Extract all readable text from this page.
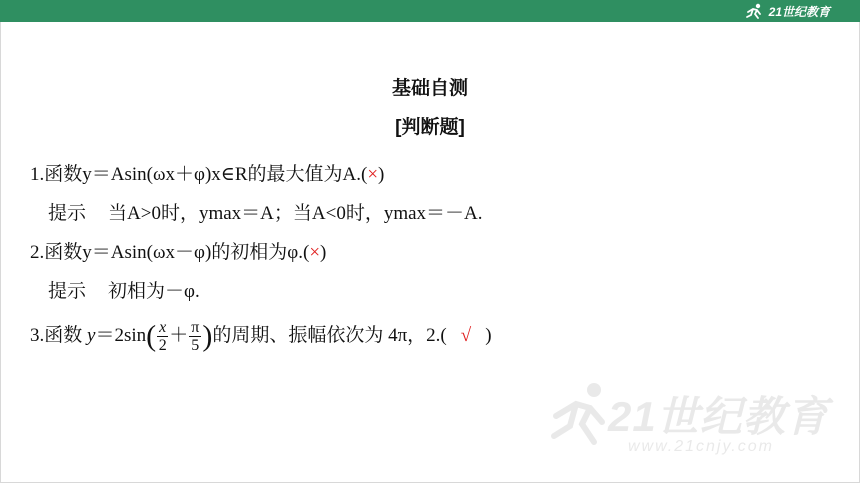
21世纪教育
基础自测
[判断题]
1.函数y＝Asin(ωx＋φ)x∈R的最大值为A.(×)
提示 当A>0时，ymax＝A；当A<0时，ymax＝－A.
2.函数y＝Asin(ωx－φ)的初相为φ.(×)
提示 初相为－φ.
3.函数 $y=2\sin( \frac{x}{2} + \frac{\pi}{5}$ )的周期、振幅依次为 4π，2.( √ )
21世纪教育
www.21cnjy.com
